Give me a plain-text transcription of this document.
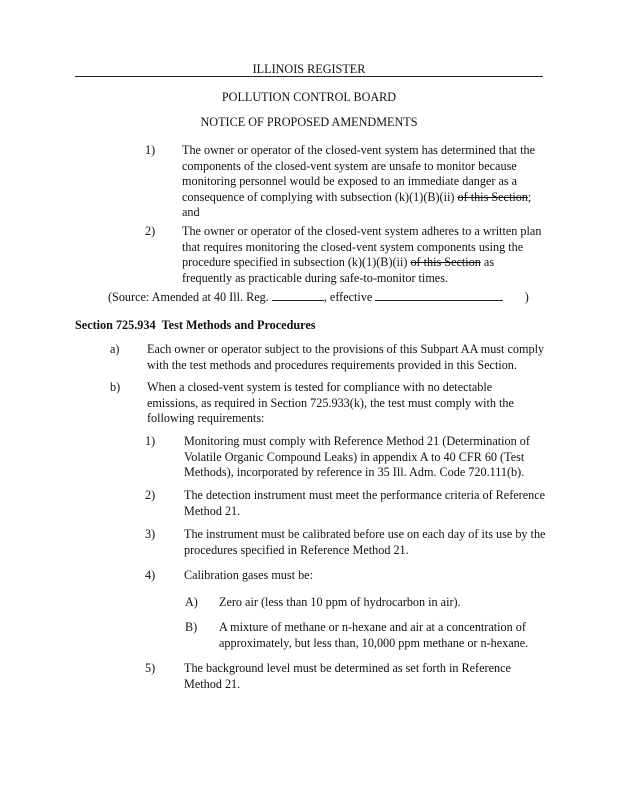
ILLINOIS REGISTER
POLLUTION CONTROL BOARD
NOTICE OF PROPOSED AMENDMENTS
1) The owner or operator of the closed-vent system has determined that the components of the closed-vent system are unsafe to monitor because monitoring personnel would be exposed to an immediate danger as a consequence of complying with subsection (k)(1)(B)(ii) of this Section; and
2) The owner or operator of the closed-vent system adheres to a written plan that requires monitoring the closed-vent system components using the procedure specified in subsection (k)(1)(B)(ii) of this Section as frequently as practicable during safe-to-monitor times.
(Source: Amended at 40 Ill. Reg.	, effective	)
Section 725.934 Test Methods and Procedures
a) Each owner or operator subject to the provisions of this Subpart AA must comply with the test methods and procedures requirements provided in this Section.
b) When a closed-vent system is tested for compliance with no detectable emissions, as required in Section 725.933(k), the test must comply with the following requirements:
1) Monitoring must comply with Reference Method 21 (Determination of Volatile Organic Compound Leaks) in appendix A to 40 CFR 60 (Test Methods), incorporated by reference in 35 Ill. Adm. Code 720.111(b).
2) The detection instrument must meet the performance criteria of Reference Method 21.
3) The instrument must be calibrated before use on each day of its use by the procedures specified in Reference Method 21.
4) Calibration gases must be:
A) Zero air (less than 10 ppm of hydrocarbon in air).
B) A mixture of methane or n-hexane and air at a concentration of approximately, but less than, 10,000 ppm methane or n-hexane.
5) The background level must be determined as set forth in Reference Method 21.
